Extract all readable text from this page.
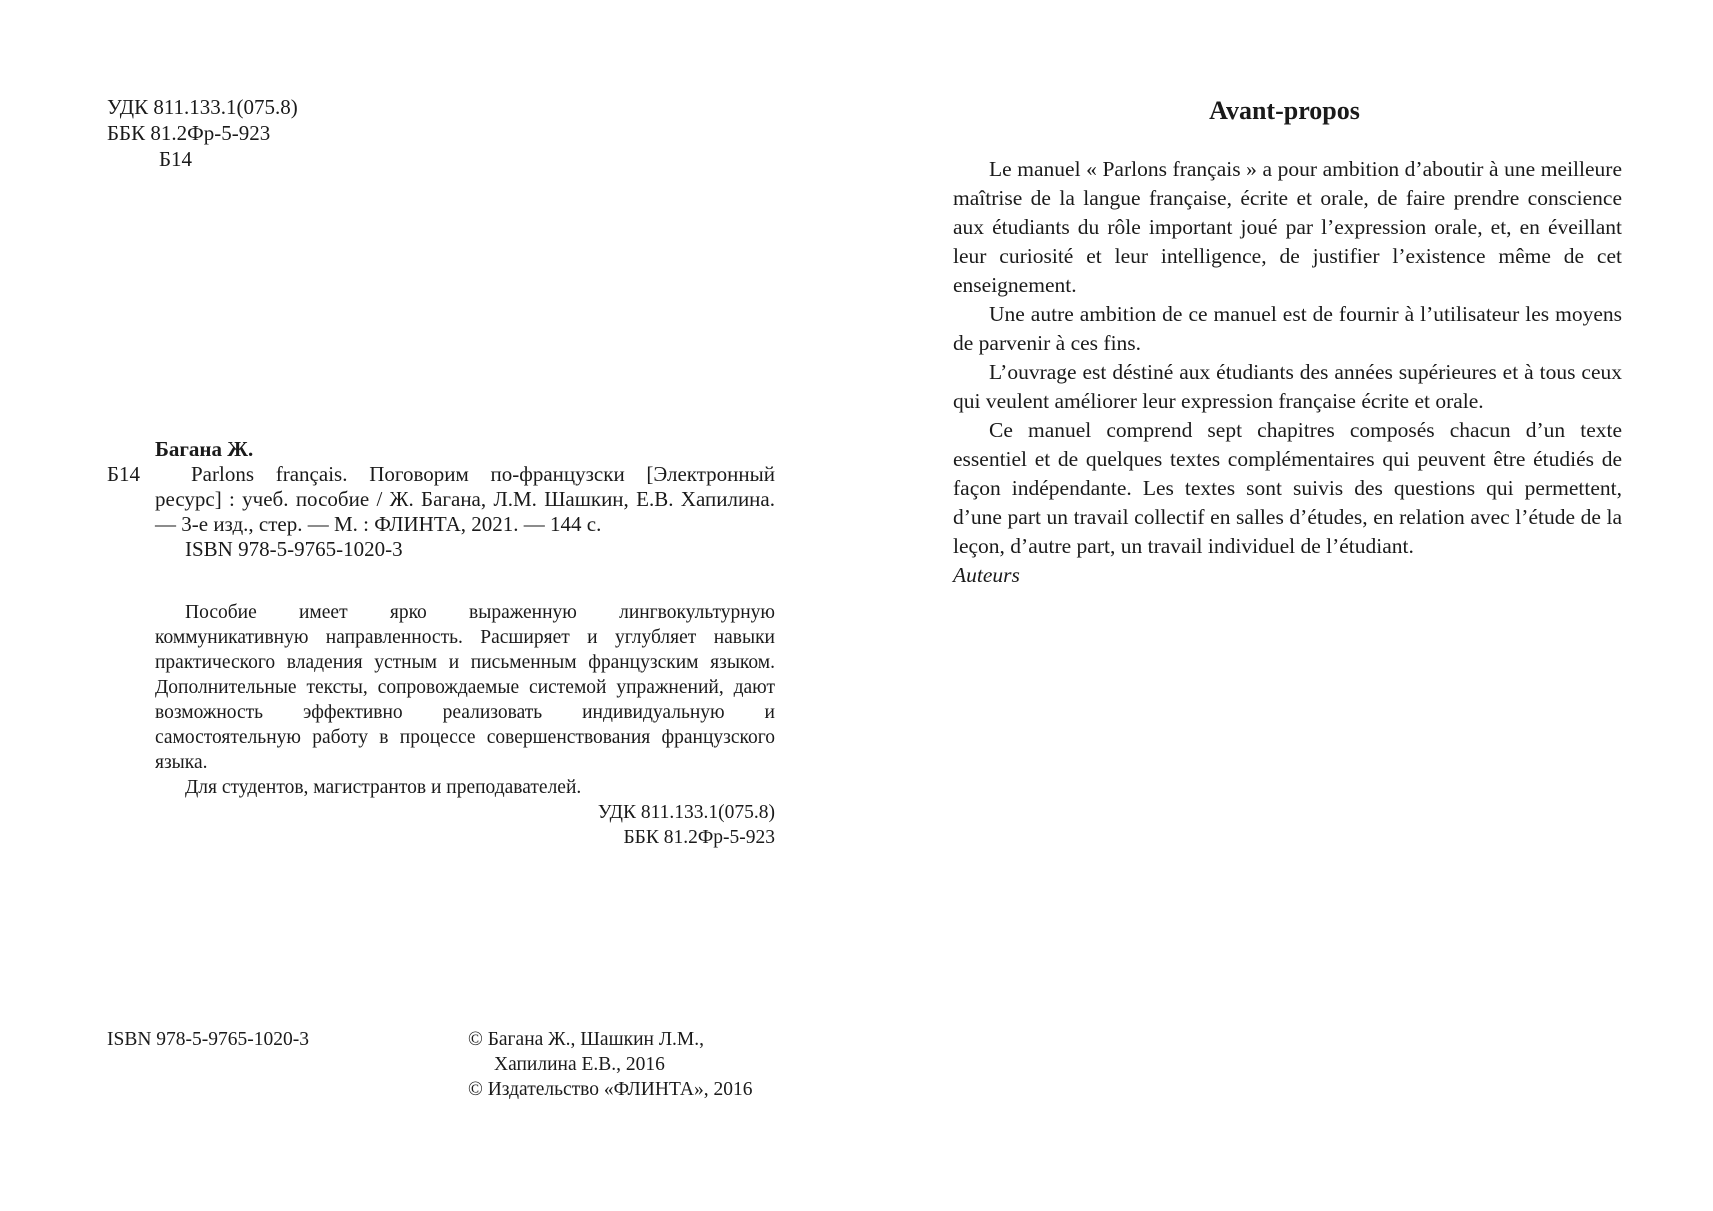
УДК 811.133.1(075.8)
ББК 81.2Фр-5-923
Б14
Багана Ж.
Б14 Parlons français. Поговорим по-французски [Электронный ресурс] : учеб. пособие / Ж. Багана, Л.М. Шашкин, Е.В. Хапилина. — 3-е изд., стер. — М. : ФЛИНТА, 2021. — 144 с.
ISBN 978-5-9765-1020-3

Пособие имеет ярко выраженную лингвокультурную коммуникативную направленность. Расширяет и углубляет навыки практического владения устным и письменным французским языком. Дополнительные тексты, сопровождаемые системой упражнений, дают возможность эффективно реализовать индивидуальную и самостоятельную работу в процессе совершенствования французского языка.

Для студентов, магистрантов и преподавателей.

УДК 811.133.1(075.8)

ББК 81.2Фр-5-923

ISBN 978-5-9765-1020-3	© Багана Ж., Шашкин Л.М.,
Хапилина Е.В., 2016
© Издательство «ФЛИНТА», 2016
Avant-propos

Le manuel « Parlons français » a pour ambition d’aboutir à une meilleure maîtrise de la langue française, écrite et orale, de faire prendre conscience aux étudiants du rôle important joué par l’expression orale, et, en éveillant leur curiosité et leur intelligence, de justifier l’existence même de cet enseignement.

Une autre ambition de ce manuel est de fournir à l’utilisateur les moyens de parvenir à ces fins.

L’ouvrage est déstiné aux étudiants des années supérieures et à tous ceux qui veulent améliorer leur expression française écrite et orale.

Ce manuel comprend sept chapitres composés chacun d’un texte essentiel et de quelques textes complémentaires qui peuvent être étudiés de façon indépendante. Les textes sont suivis des questions qui permettent, d’une part un travail collectif en salles d’études, en relation avec l’étude de la leçon, d’autre part, un travail individuel de l’étudiant.

Auteurs
